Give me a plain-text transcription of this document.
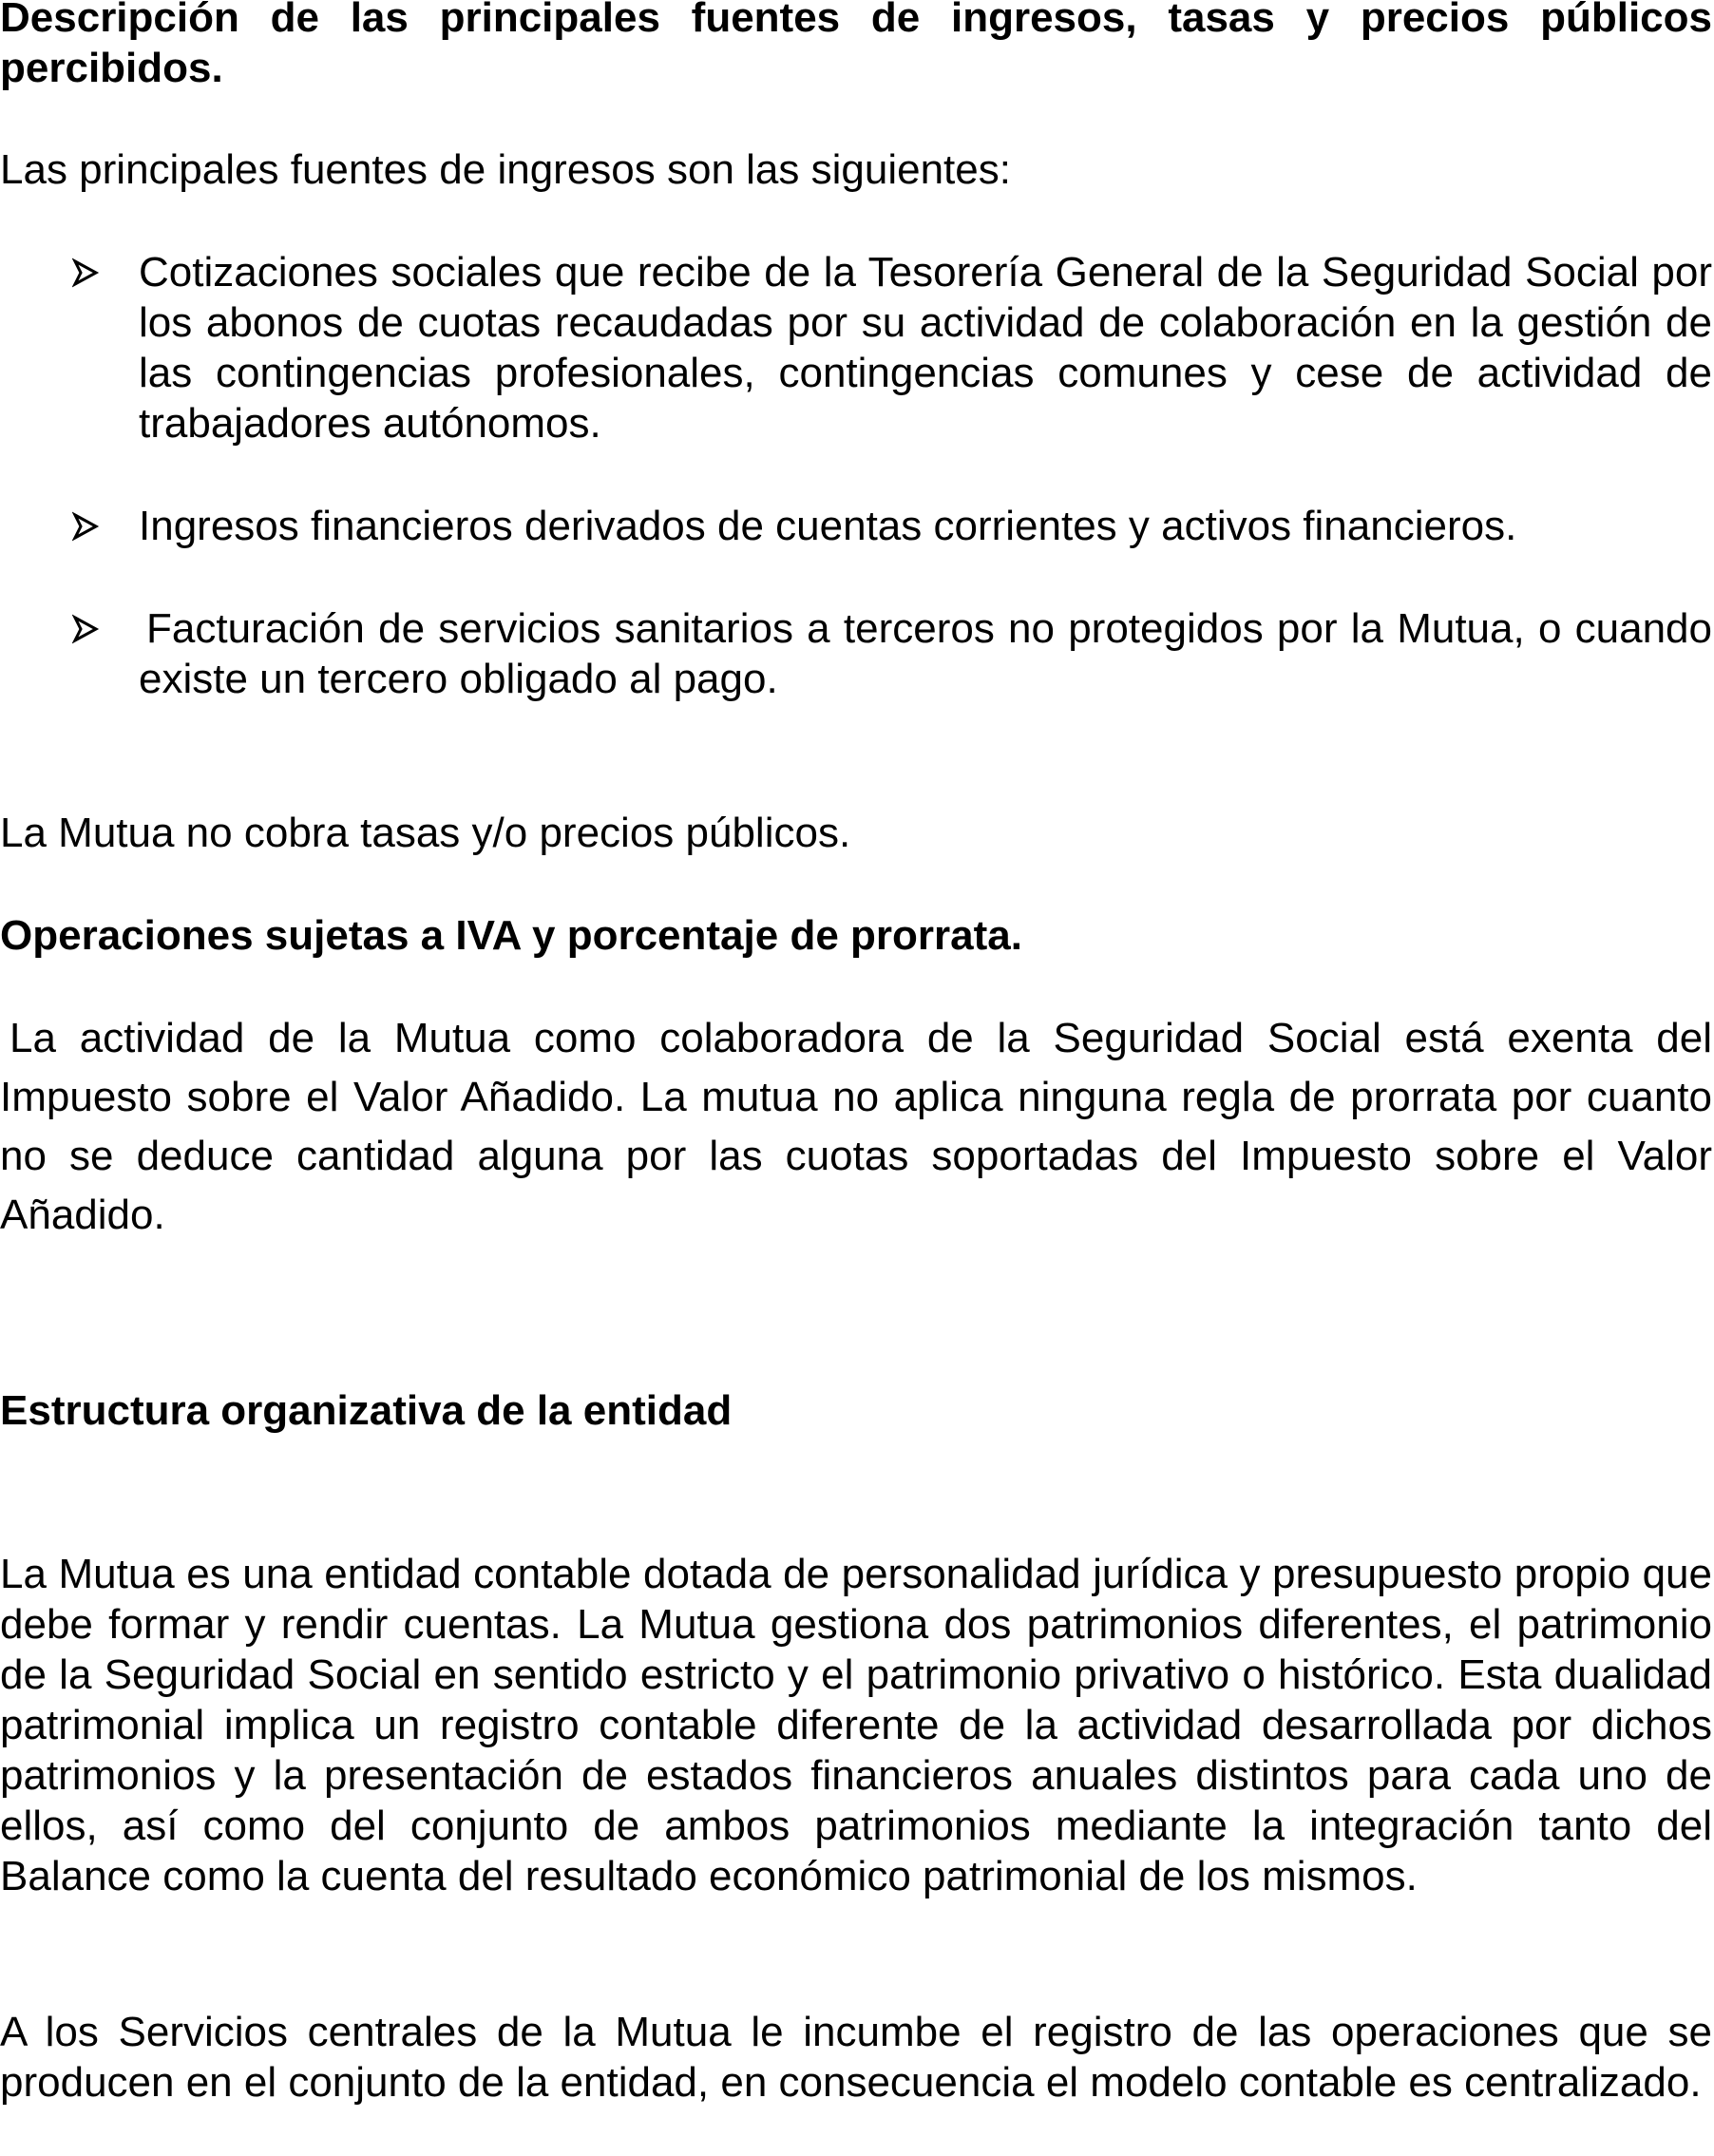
Descripción de las principales fuentes de ingresos, tasas y precios públicos percibidos.

Las principales fuentes de ingresos son las siguientes:

Cotizaciones sociales que recibe de la Tesorería General de la Seguridad Social por los abonos de cuotas recaudadas por su actividad de colaboración en la gestión de las contingencias profesionales, contingencias comunes y cese de actividad de trabajadores autónomos.
Ingresos financieros derivados de cuentas corrientes y activos financieros.
Facturación de servicios sanitarios a terceros no protegidos por la Mutua, o cuando existe un tercero obligado al pago.

La Mutua no cobra tasas y/o precios públicos.

Operaciones sujetas a IVA y porcentaje de prorrata.

La actividad de la Mutua como colaboradora de la Seguridad Social está exenta del Impuesto sobre el Valor Añadido. La mutua no aplica ninguna regla de prorrata por cuanto no se deduce cantidad alguna por las cuotas soportadas del Impuesto sobre el Valor Añadido.

Estructura organizativa de la entidad

La Mutua es una entidad contable dotada de personalidad jurídica y presupuesto propio que debe formar y rendir cuentas. La Mutua gestiona dos patrimonios diferentes, el patrimonio de la Seguridad Social en sentido estricto y el patrimonio privativo o histórico. Esta dualidad patrimonial implica un registro contable diferente de la actividad desarrollada por dichos patrimonios y la presentación de estados financieros anuales distintos para cada uno de ellos, así como del conjunto de ambos patrimonios mediante la integración tanto del Balance como la cuenta del resultado económico patrimonial de los mismos.

A los Servicios centrales de la Mutua le incumbe el registro de las operaciones que se producen en el conjunto de la entidad, en consecuencia el modelo contable es centralizado.
